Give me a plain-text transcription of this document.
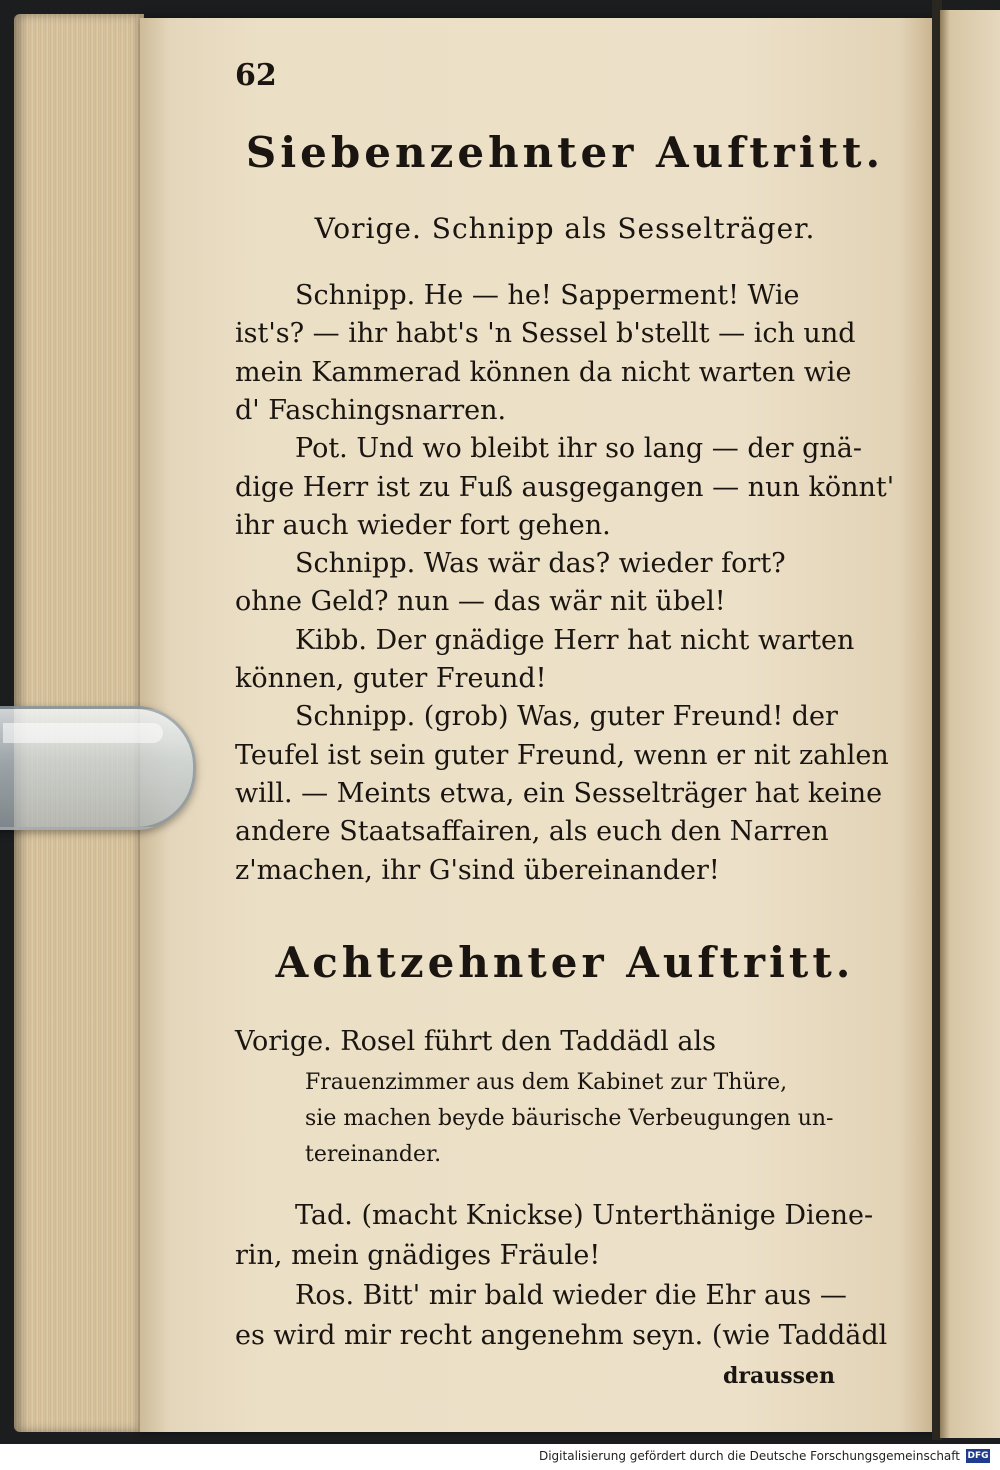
62
Siebenzehnter Auftritt.
Vorige. Schnipp als Sesselträger.
Schnipp. He — he! Sapperment! Wie
ist's? — ihr habt's 'n Sessel b'stellt — ich und
mein Kammerad können da nicht warten wie
d' Faschingsnarren.
Pot. Und wo bleibt ihr so lang — der gnä-
dige Herr ist zu Fuß ausgegangen — nun könnt'
ihr auch wieder fort gehen.
Schnipp. Was wär das? wieder fort?
ohne Geld? nun — das wär nit übel!
Kibb. Der gnädige Herr hat nicht warten
können, guter Freund!
Schnipp. (grob) Was, guter Freund! der
Teufel ist sein guter Freund, wenn er nit zahlen
will. — Meints etwa, ein Sesselträger hat keine
andere Staatsaffairen, als euch den Narren
z'machen, ihr G'sind übereinander!
Achtzehnter Auftritt.
Vorige. Rosel führt den Taddädl als
Frauenzimmer aus dem Kabinet zur Thüre,
sie machen beyde bäurische Verbeugungen un-
tereinander.
Tad. (macht Knickse) Unterthänige Diene-
rin, mein gnädiges Fräule!
Ros. Bitt' mir bald wieder die Ehr aus —
es wird mir recht angenehm seyn. (wie Taddädl
draussen
Digitalisierung gefördert durch die Deutsche Forschungsgemeinschaft DFG
